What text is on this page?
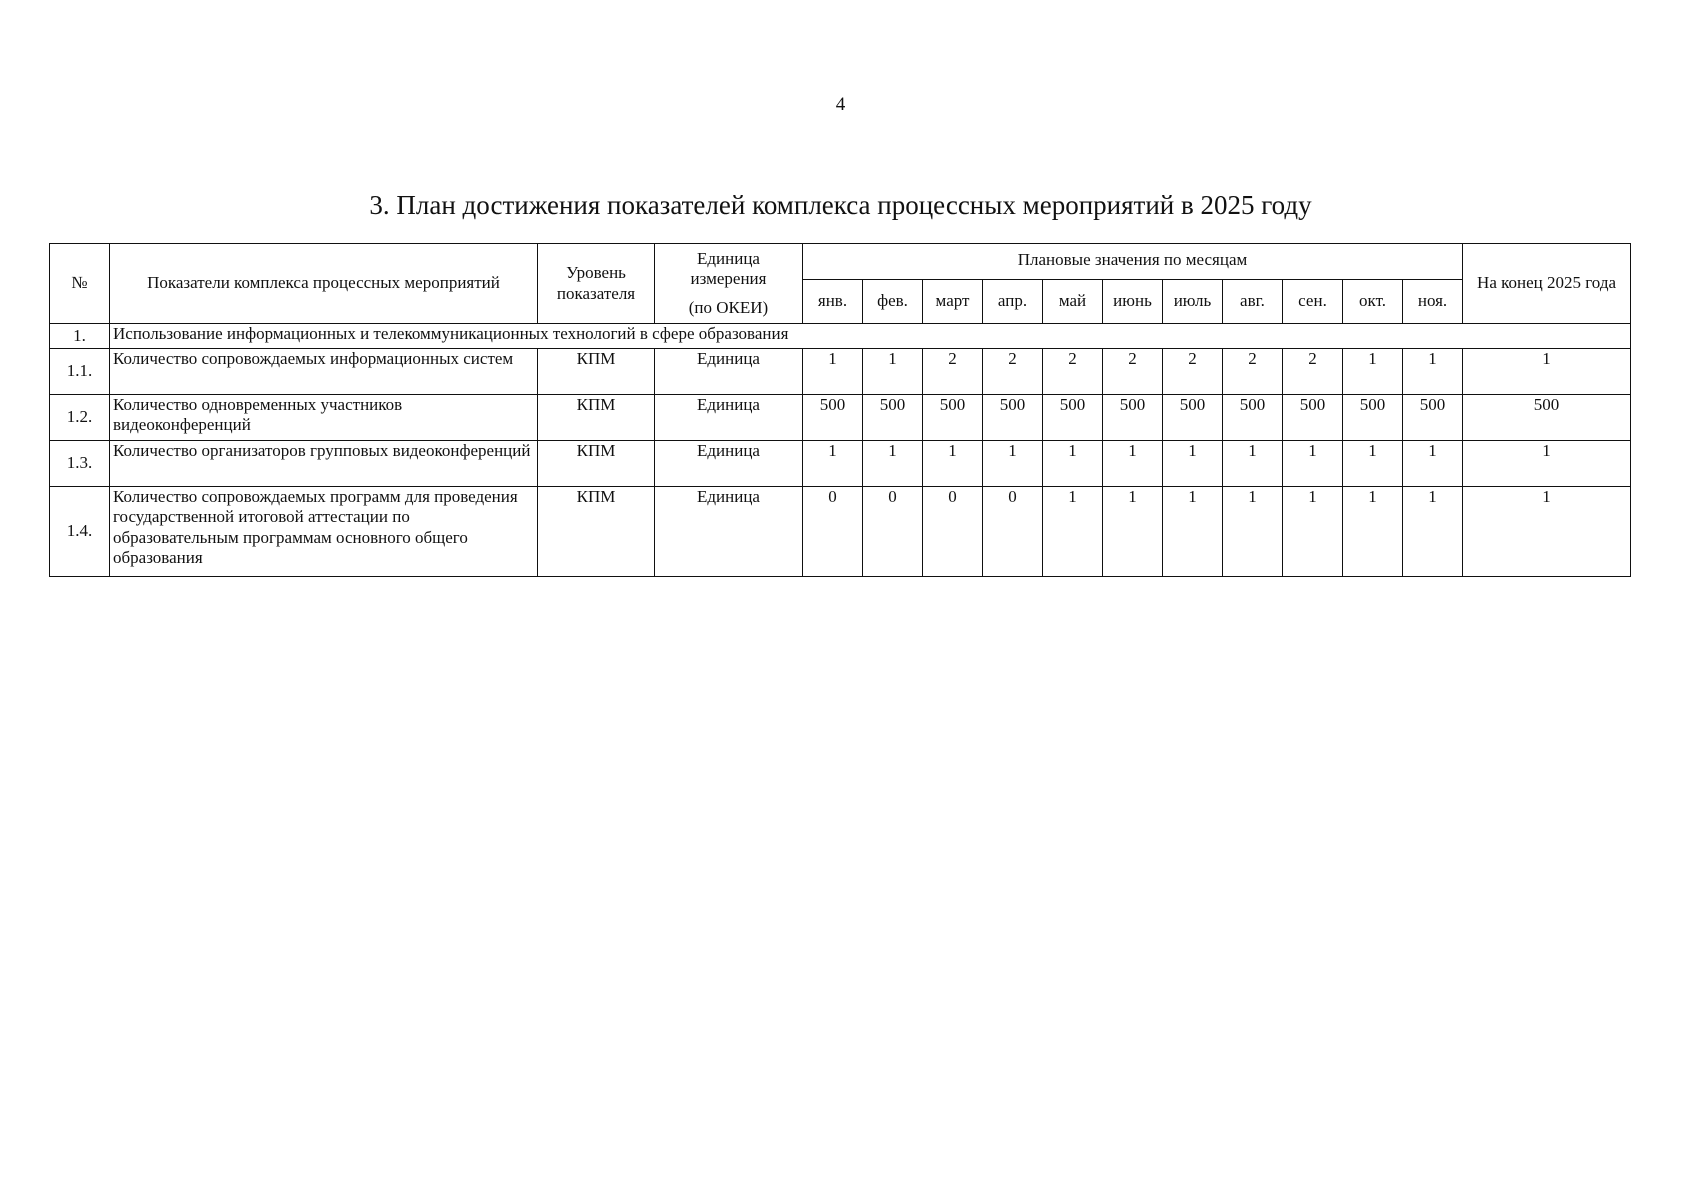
4
3. План достижения показателей комплекса процессных мероприятий в 2025 году
№	Показатели комплекса процессных мероприятий	Уровень показателя	Единица измерения
(по ОКЕИ)	Плановые значения по месяцам											На конец 2025 года
				янв.	фев.	март	апр.	май	июнь	июль	авг.	сен.	окт.	ноя.	
1.	Использование информационных и телекоммуникационных технологий в сфере образования														
1.1.	Количество сопровождаемых информационных систем	КПМ	Единица	1	1	2	2	2	2	2	2	2	1	1	1
1.2.	Количество одновременных участников видеоконференций	КПМ	Единица	500	500	500	500	500	500	500	500	500	500	500	500
1.3.	Количество организаторов групповых видеоконференций	КПМ	Единица	1	1	1	1	1	1	1	1	1	1	1	1
1.4.	Количество сопровождаемых программ для проведения государственной итоговой аттестации по образовательным программам основного общего образования	КПМ	Единица	0	0	0	0	1	1	1	1	1	1	1	1
